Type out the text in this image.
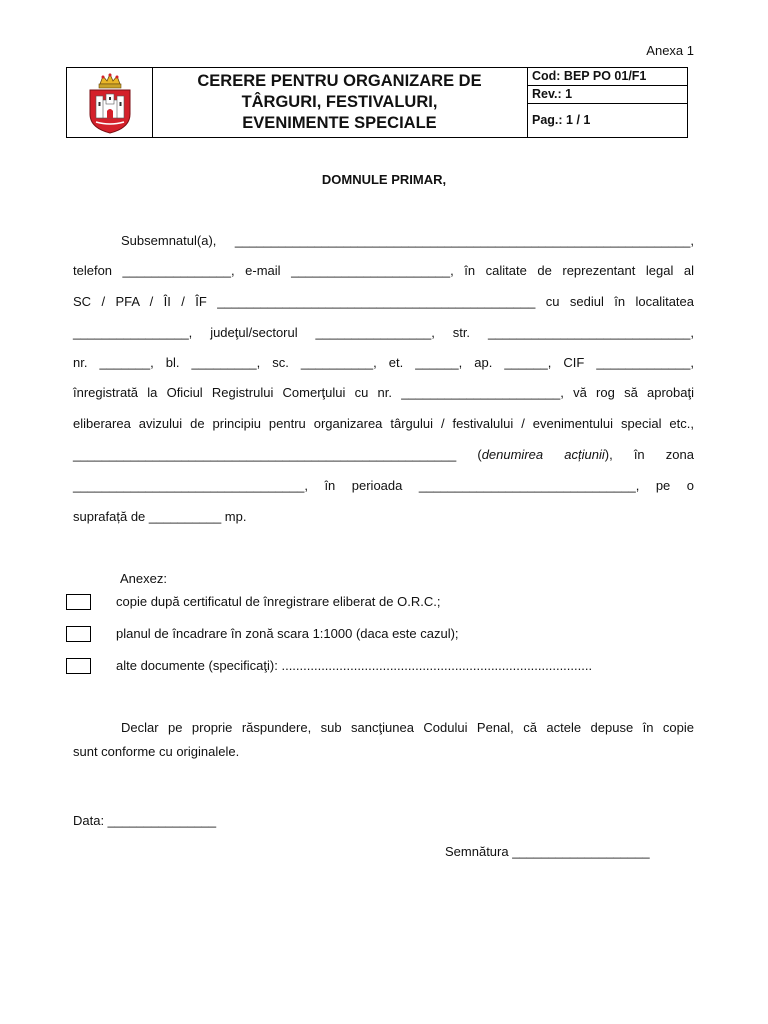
Anexa 1
CERERE PENTRU ORGANIZARE DE
TÂRGURI, FESTIVALURI,
EVENIMENTE SPECIALE
Cod: BEP PO 01/F1
Rev.: 1
Pag.: 1 / 1
DOMNULE PRIMAR,
Subsemnatul(a), _______________________________________________________________,
telefon _______________, e-mail ______________________, în calitate de reprezentant legal al
SC / PFA / ÎI / ÎF ____________________________________________ cu sediul în localitatea
________________, judeţul/sectorul ________________, str. ____________________________,
nr. _______, bl. _________, sc. __________, et. ______, ap. ______, CIF _____________,
înregistrată la Oficiul Registrului Comerţului cu nr. ______________________, vă rog să aprobaţi
eliberarea avizului de principiu pentru organizarea târgului / festivalului / evenimentului special etc.,
_____________________________________________________ (denumirea acțiunii), în zona
________________________________, în perioada ______________________________, pe o
suprafață de __________ mp.
Anexez:
copie după certificatul de înregistrare eliberat de O.R.C.;
planul de încadrare în zonă scara 1:1000 (daca este cazul);
alte documente (specificaţi): ......................................................................................
Declar pe proprie răspundere, sub sancţiunea Codului Penal, că actele depuse în copie
sunt conforme cu originalele.
Data: _______________
Semnătura ___________________
